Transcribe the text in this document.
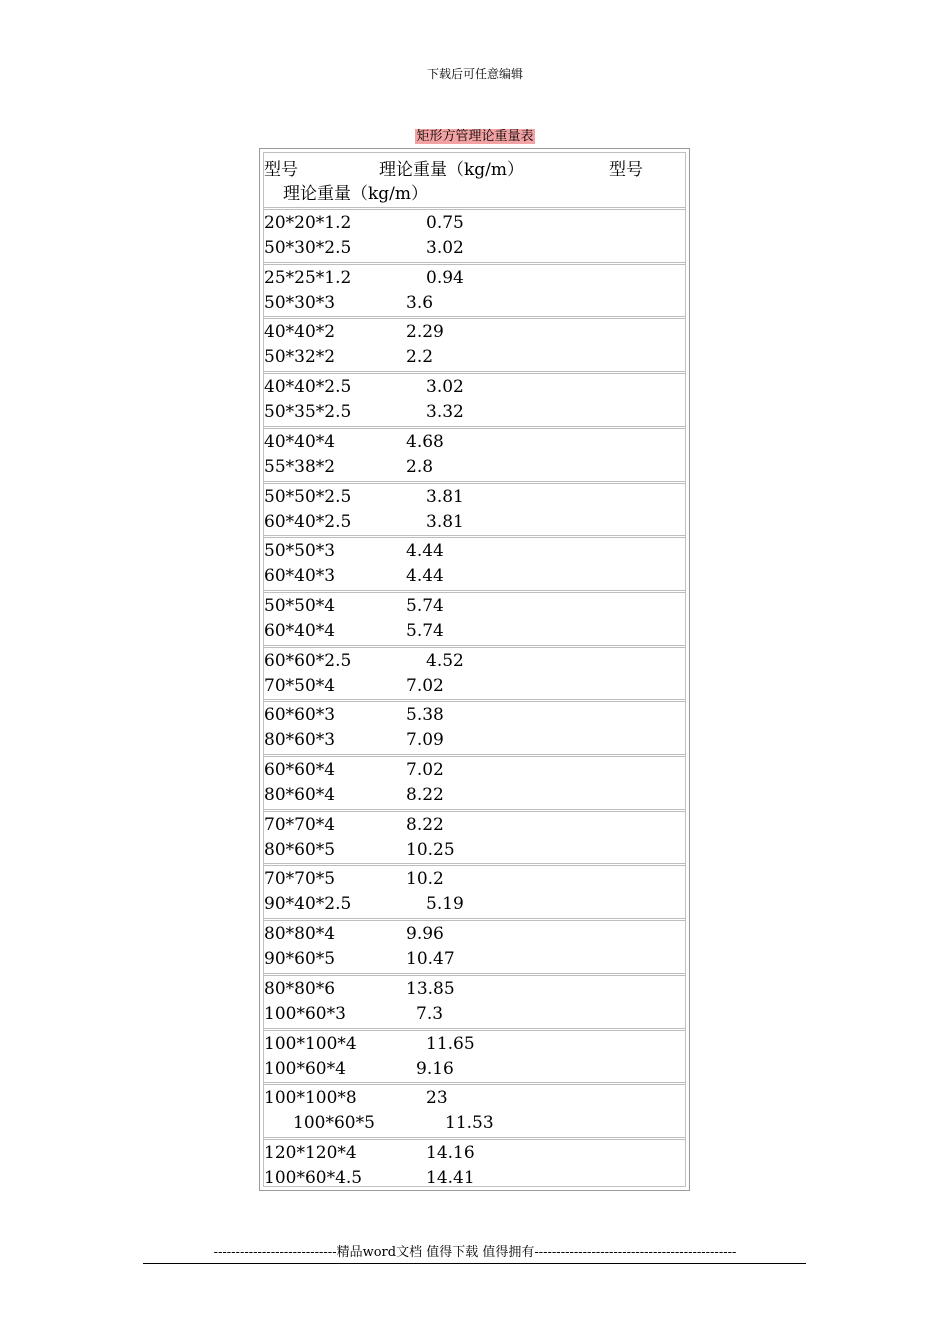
下载后可任意编辑
矩形方管理论重量表
型号	理论重量（kg/m）	型号
理论重量（kg/m）
20*20*1.2	0.75
50*30*2.5	3.02
25*25*1.2	0.94
50*30*3	3.6
40*40*2	2.29
50*32*2	2.2
40*40*2.5	3.02
50*35*2.5	3.32
40*40*4	4.68
55*38*2	2.8
50*50*2.5	3.81
60*40*2.5	3.81
50*50*3	4.44
60*40*3	4.44
50*50*4	5.74
60*40*4	5.74
60*60*2.5	4.52
70*50*4	7.02
60*60*3	5.38
80*60*3	7.09
60*60*4	7.02
80*60*4	8.22
70*70*4	8.22
80*60*5	10.25
70*70*5	10.2
90*40*2.5	5.19
80*80*4	9.96
90*60*5	10.47
80*80*6	13.85
100*60*3	7.3
100*100*4	11.65
100*60*4	9.16
100*100*8	23
100*60*5	11.53
120*120*4	14.16
100*60*4.5	14.41
----------------------------精品word文档 值得下载 值得拥有----------------------------------------------
